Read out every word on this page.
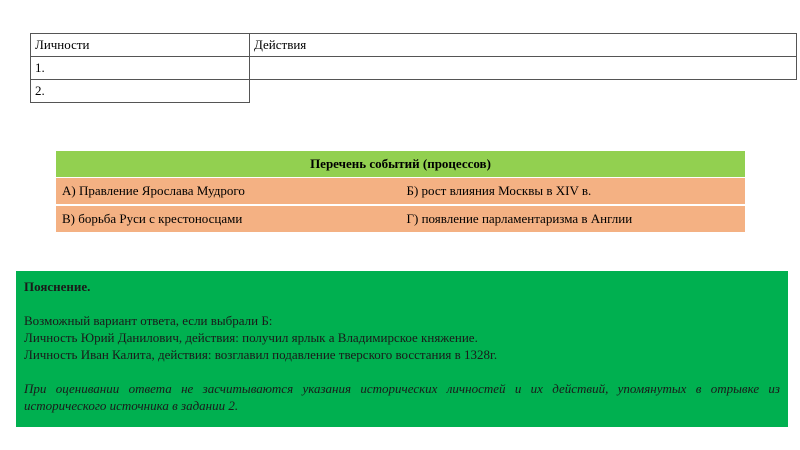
Личности	Действия
1.	
2.	
Перечень событий (процессов)	
А) Правление Ярослава Мудрого	Б) рост влияния Москвы в XIV в.
В) борьба Руси с крестоносцами	Г) появление парламентаризма в Англии
Пояснение.
Возможный вариант ответа, если выбрали Б:
Личность Юрий Данилович, действия: получил ярлык а Владимирское княжение.
Личность Иван Калита, действия: возглавил подавление тверского восстания в 1328г.
При оценивании ответа не засчитываются указания исторических личностей и их действий, упомянутых в отрывке из исторического источника в задании 2.
